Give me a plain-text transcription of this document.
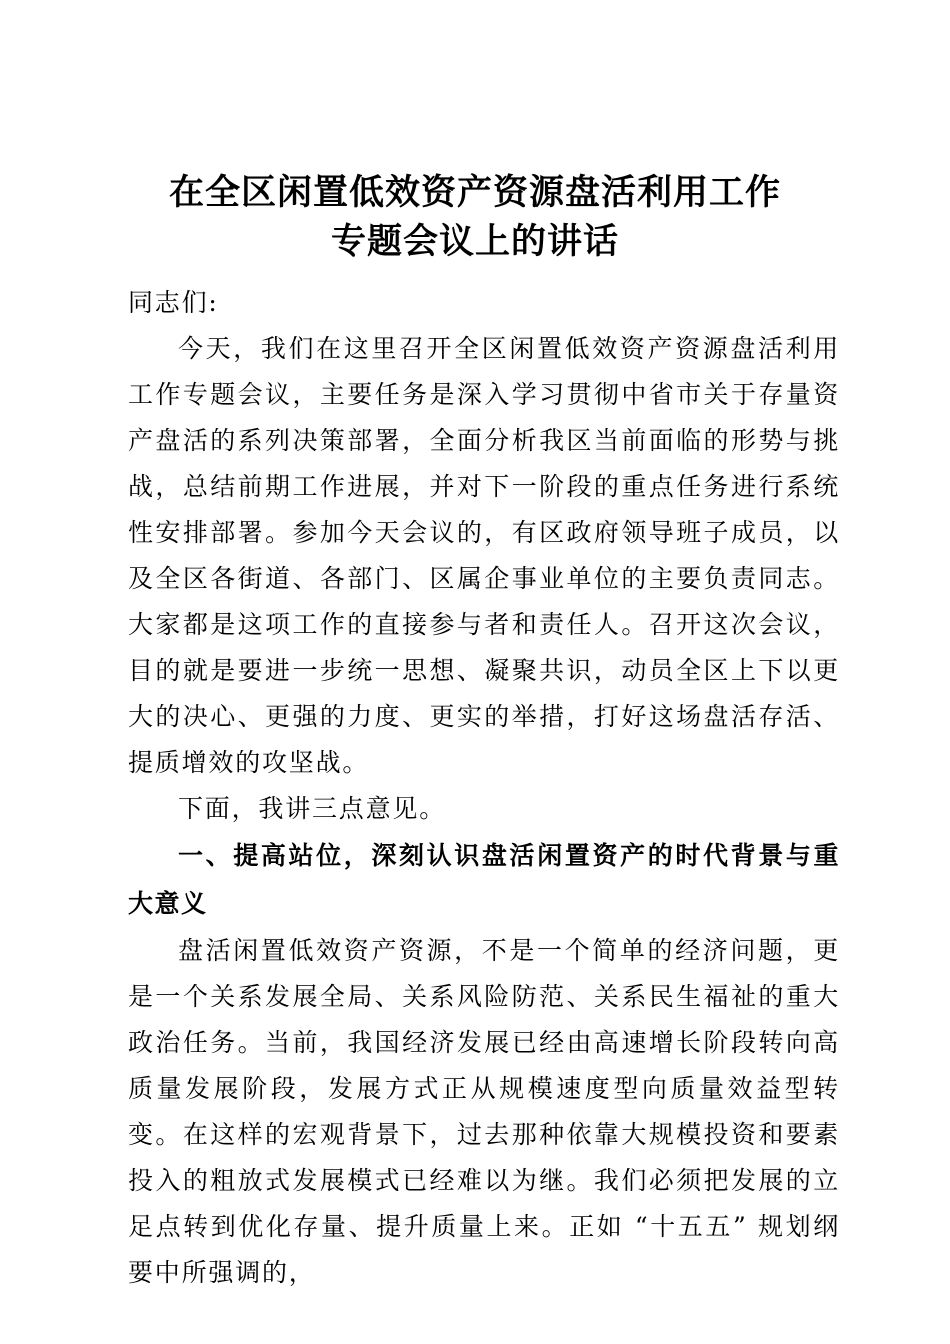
在全区闲置低效资产资源盘活利用工作
专题会议上的讲话

同志们:

今天，我们在这里召开全区闲置低效资产资源盘活利用工作专题会议，主要任务是深入学习贯彻中省市关于存量资产盘活的系列决策部署，全面分析我区当前面临的形势与挑战，总结前期工作进展，并对下一阶段的重点任务进行系统性安排部署。参加今天会议的，有区政府领导班子成员，以及全区各街道、各部门、区属企事业单位的主要负责同志。大家都是这项工作的直接参与者和责任人。召开这次会议，目的就是要进一步统一思想、凝聚共识，动员全区上下以更大的决心、更强的力度、更实的举措，打好这场盘活存活、提质增效的攻坚战。

下面，我讲三点意见。

一、提高站位，深刻认识盘活闲置资产的时代背景与重大意义

盘活闲置低效资产资源，不是一个简单的经济问题，更是一个关系发展全局、关系风险防范、关系民生福祉的重大政治任务。当前，我国经济发展已经由高速增长阶段转向高质量发展阶段，发展方式正从规模速度型向质量效益型转变。在这样的宏观背景下，过去那种依靠大规模投资和要素投入的粗放式发展模式已经难以为继。我们必须把发展的立足点转到优化存量、提升质量上来。正如 “十五五” 规划纲要中所强调的，
